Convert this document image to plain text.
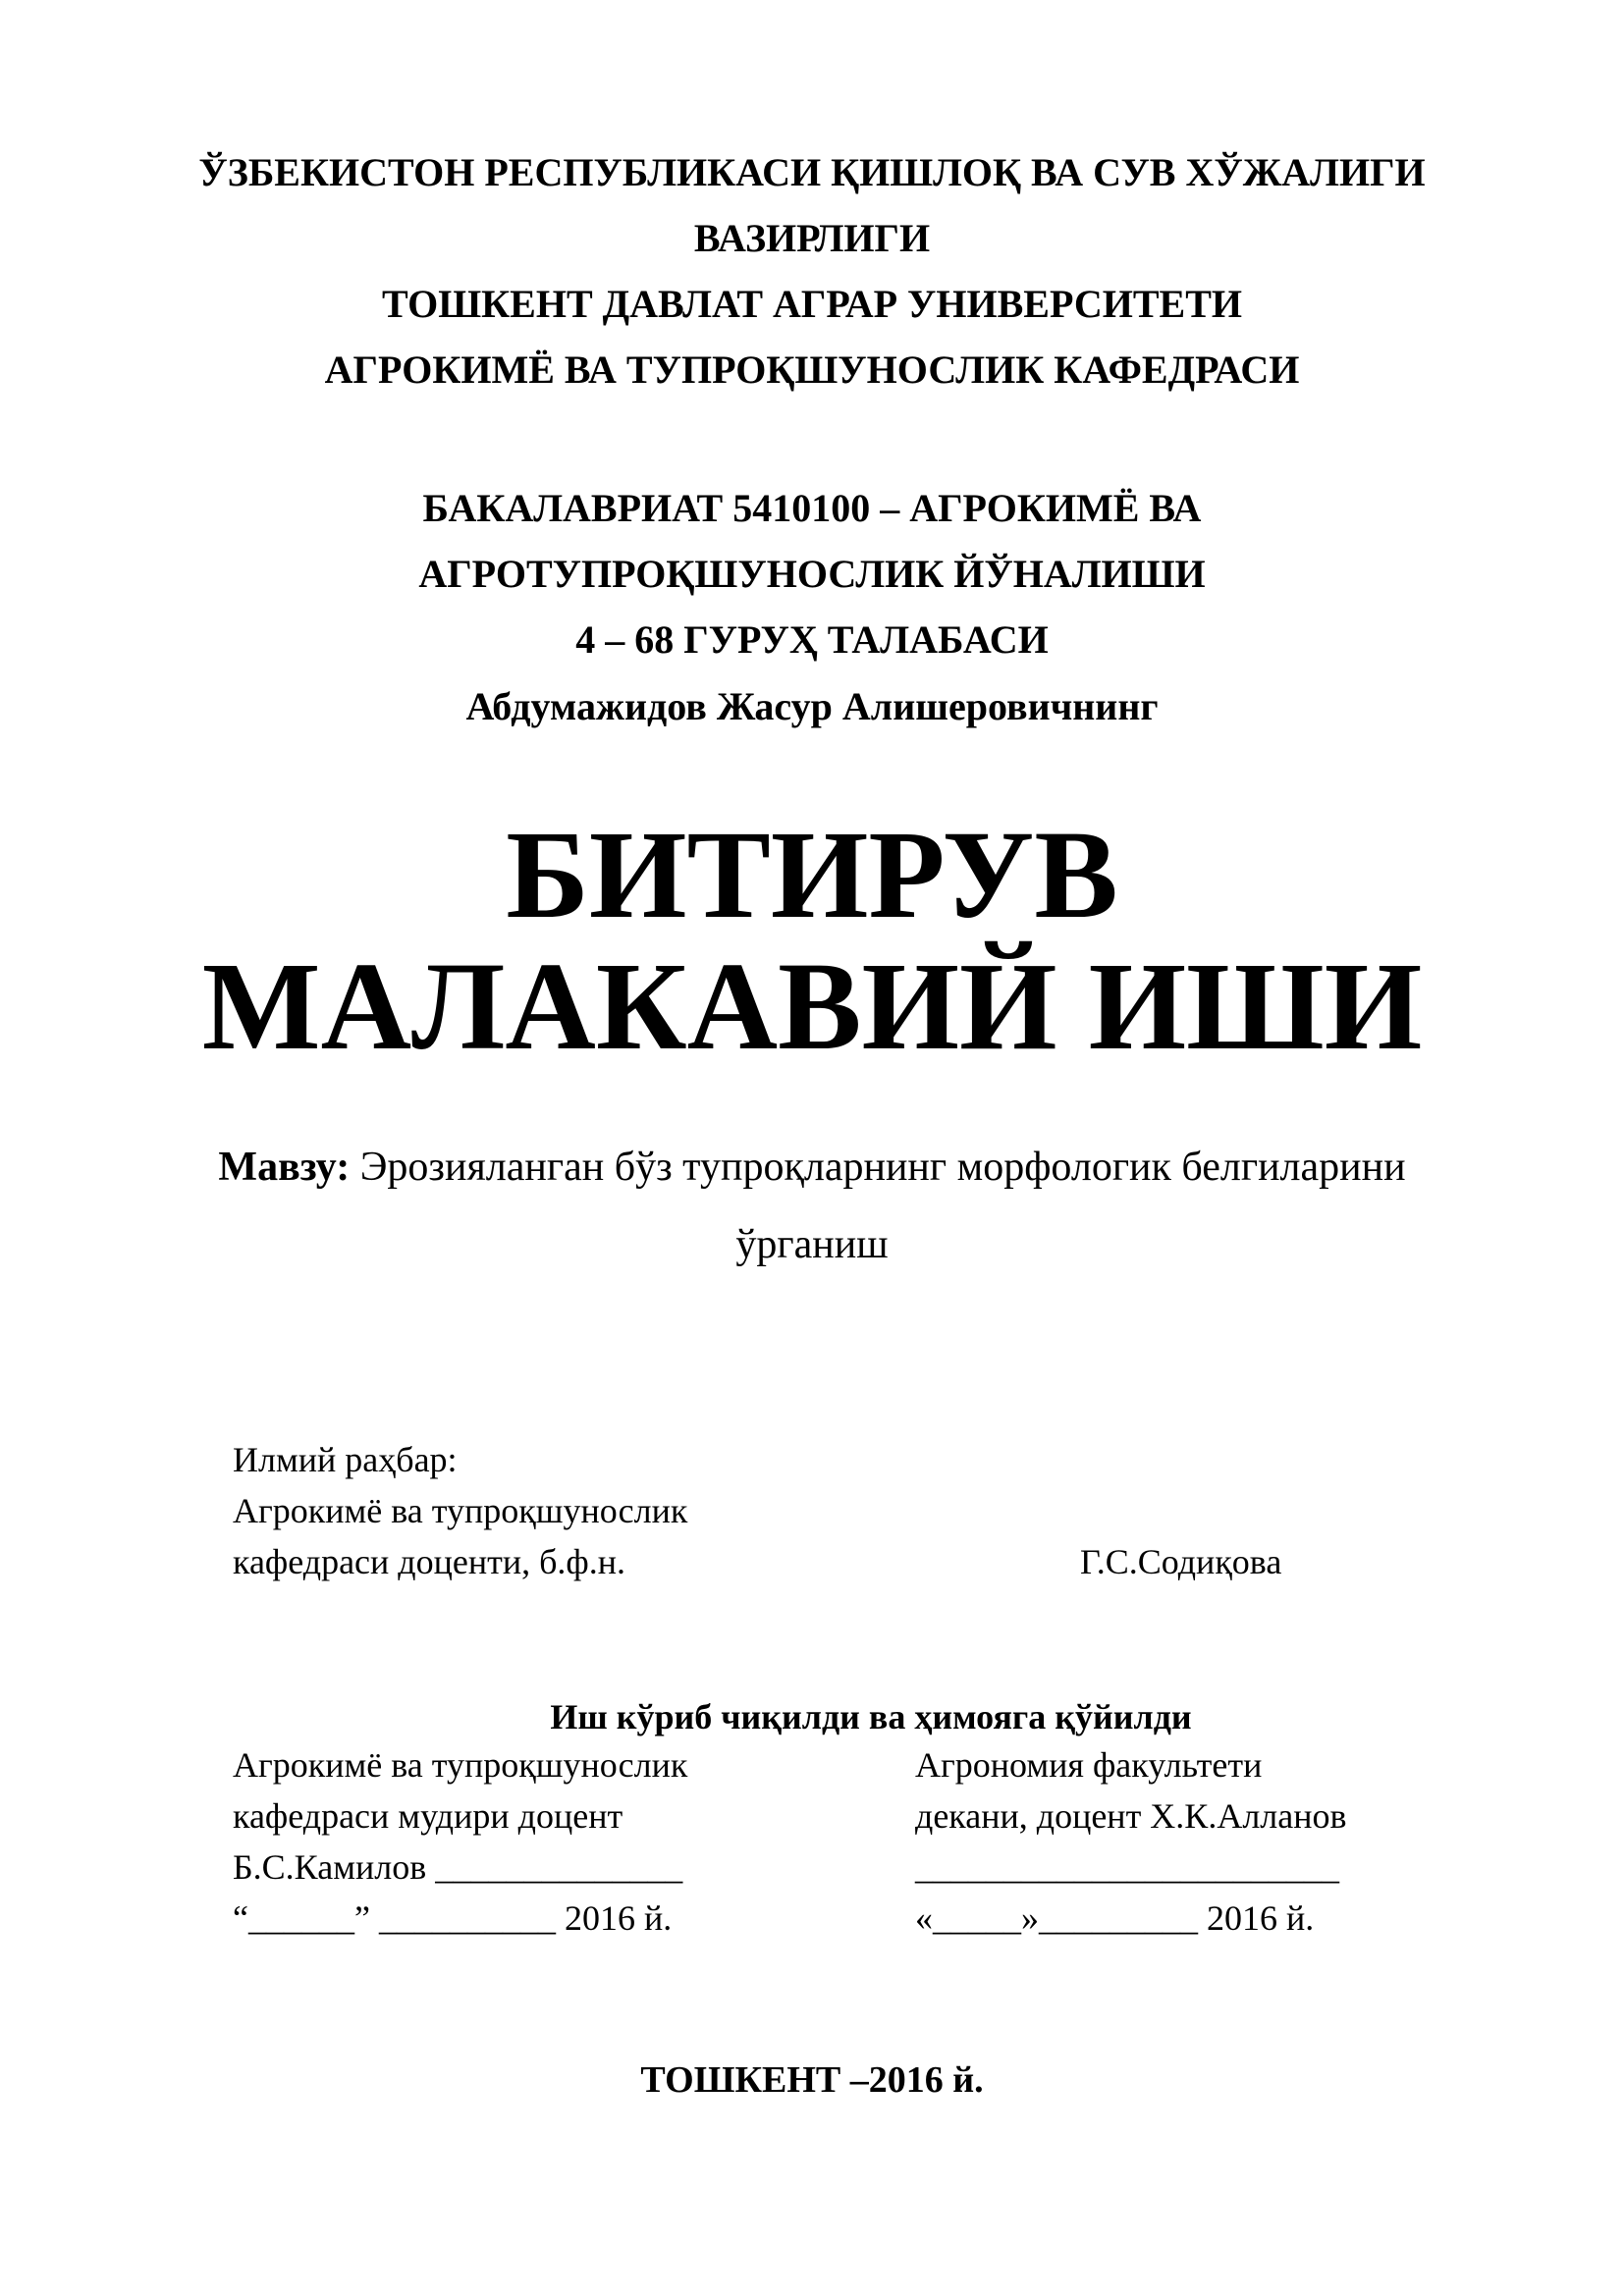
ЎЗБЕКИСТОН РЕСПУБЛИКАСИ ҚИШЛОҚ ВА СУВ ХЎЖАЛИГИ
ВАЗИРЛИГИ
ТОШКЕНТ ДАВЛАТ АГРАР УНИВЕРСИТЕТИ
АГРОКИМЁ ВА ТУПРОҚШУНОСЛИК КАФЕДРАСИ
БАКАЛАВРИАТ 5410100 – АГРОКИМЁ ВА
АГРОТУПРОҚШУНОСЛИК ЙЎНАЛИШИ
4 – 68 ГУРУҲ ТАЛАБАСИ
Абдумажидов Жасур Алишеровичнинг
БИТИРУВ
МАЛАКАВИЙ ИШИ
Мавзу: Эрозияланган бўз тупроқларнинг морфологик белгиларини
ўрганиш
Илмий раҳбар:
Агрокимё ва тупроқшунослик
кафедраси доценти, б.ф.н.	Г.С.Содиқова
Иш кўриб чиқилди ва ҳимояга қўйилди
Агрокимё ва тупроқшунослик
кафедраси мудири доцент
Б.С.Камилов ______________
“______” __________ 2016 й.
Агрономия факультети
декани, доцент Х.К.Алланов
________________________
«_____»_________ 2016 й.
ТОШКЕНТ –2016 й.
